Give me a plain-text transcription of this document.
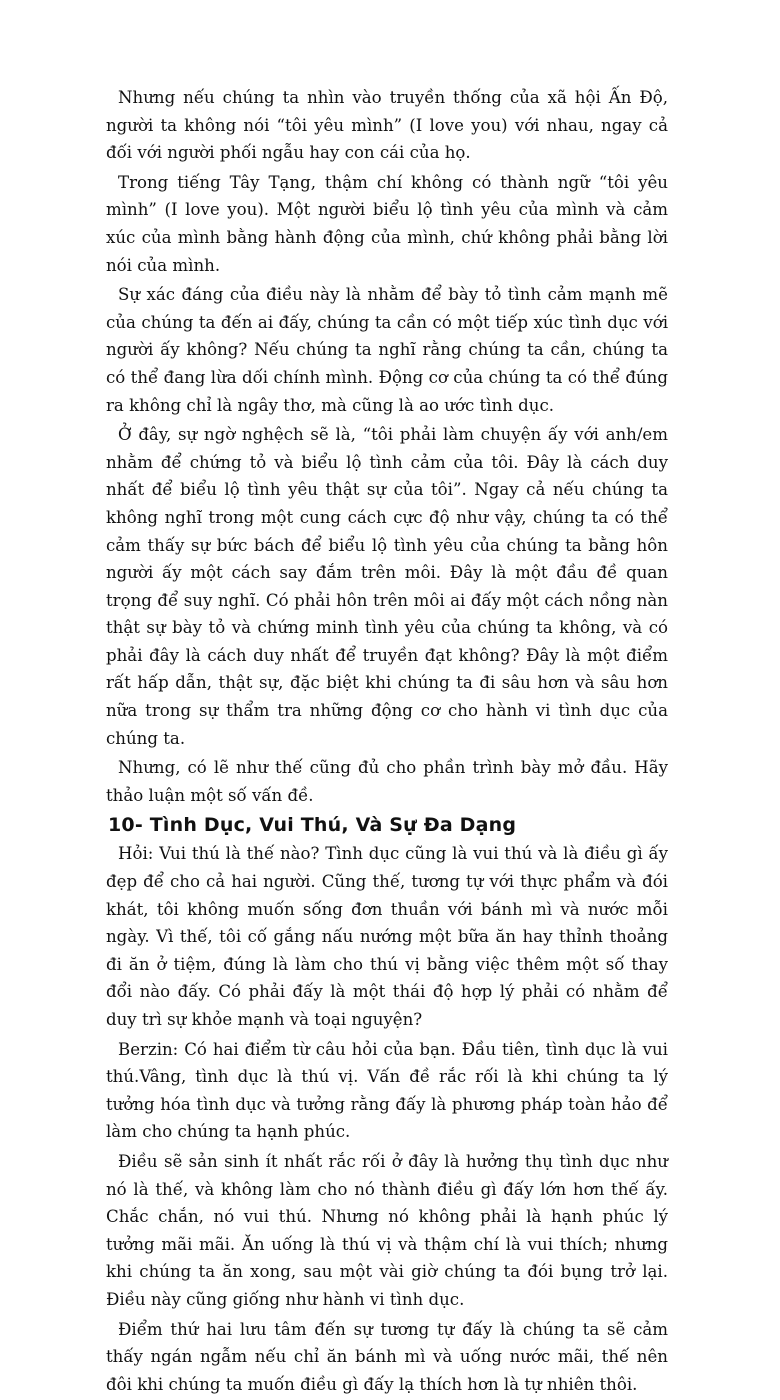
Nhưng nếu chúng ta nhìn vào truyền thống của xã hội Ấn Độ, người ta không nói “tôi yêu mình” (I love you) với nhau, ngay cả đối với người phối ngẫu hay con cái của họ.

Trong tiếng Tây Tạng, thậm chí không có thành ngữ “tôi yêu mình” (I love you). Một người biểu lộ tình yêu của mình và cảm xúc của mình bằng hành động của mình, chứ không phải bằng lời nói của mình.

Sự xác đáng của điều này là nhằm để bày tỏ tình cảm mạnh mẽ của chúng ta đến ai đấy, chúng ta cần có một tiếp xúc tình dục với người ấy không? Nếu chúng ta nghĩ rằng chúng ta cần, chúng ta có thể đang lừa dối chính mình. Động cơ của chúng ta có thể đúng ra không chỉ là ngây thơ, mà cũng là ao ước tình dục.

Ở đây, sự ngờ nghệch sẽ là, “tôi phải làm chuyện ấy với anh/em nhằm để chứng tỏ và biểu lộ tình cảm của tôi. Đây là cách duy nhất để biểu lộ tình yêu thật sự của tôi”. Ngay cả nếu chúng ta không nghĩ trong một cung cách cực độ như vậy, chúng ta có thể cảm thấy sự bức bách để biểu lộ tình yêu của chúng ta bằng hôn người ấy một cách say đắm trên môi. Đây là một đầu đề quan trọng để suy nghĩ. Có phải hôn trên môi ai đấy một cách nồng nàn thật sự bày tỏ và chứng minh tình yêu của chúng ta không, và có phải đây là cách duy nhất để truyền đạt không? Đây là một điểm rất hấp dẫn, thật sự, đặc biệt khi chúng ta đi sâu hơn và sâu hơn nữa trong sự thẩm tra những động cơ cho hành vi tình dục của chúng ta.

Nhưng, có lẽ như thế cũng đủ cho phần trình bày mở đầu. Hãy thảo luận một số vấn đề.

10- Tình Dục, Vui Thú, Và Sự Đa Dạng

Hỏi: Vui thú là thế nào? Tình dục cũng là vui thú và là điều gì ấy đẹp để cho cả hai người. Cũng thế, tương tự với thực phẩm và đói khát, tôi không muốn sống đơn thuần với bánh mì và nước mỗi ngày. Vì thế, tôi cố gắng nấu nướng một bữa ăn hay thỉnh thoảng đi ăn ở tiệm, đúng là làm cho thú vị bằng việc thêm một số thay đổi nào đấy. Có phải đấy là một thái độ hợp lý phải có nhằm để duy trì sự khỏe mạnh và toại nguyện?

Berzin: Có hai điểm từ câu hỏi của bạn. Đầu tiên, tình dục là vui thú.Vâng, tình dục là thú vị. Vấn đề rắc rối là khi chúng ta lý tưởng hóa tình dục và tưởng rằng đấy là phương pháp toàn hảo để làm cho chúng ta hạnh phúc.

Điều sẽ sản sinh ít nhất rắc rối ở đây là hưởng thụ tình dục như nó là thế, và không làm cho nó thành điều gì đấy lớn hơn thế ấy. Chắc chắn, nó vui thú. Nhưng nó không phải là hạnh phúc lý tưởng mãi mãi. Ăn uống là thú vị và thậm chí là vui thích; nhưng khi chúng ta ăn xong, sau một vài giờ chúng ta đói bụng trở lại. Điều này cũng giống như hành vi tình dục.

Điểm thứ hai lưu tâm đến sự tương tự đấy là chúng ta sẽ cảm thấy ngán ngẫm nếu chỉ ăn bánh mì và uống nước mãi, thế nên đôi khi chúng ta muốn điều gì đấy lạ thích hơn là tự nhiên thôi.
